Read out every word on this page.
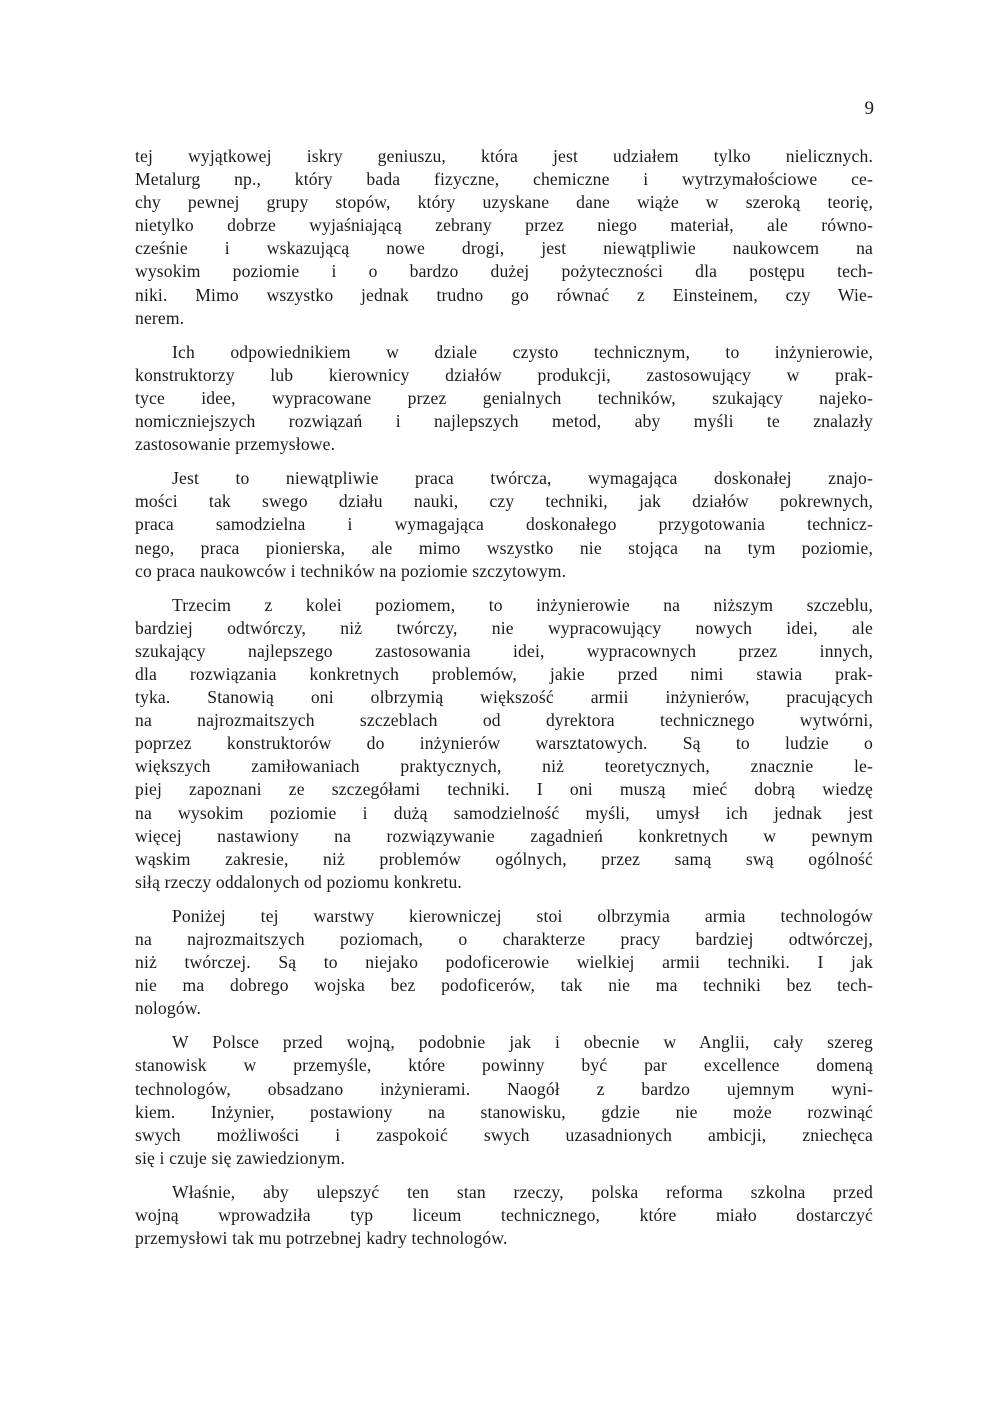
9
tej wyjątkowej iskry geniuszu, która jest udziałem tylko nielicznych.
Metalurg np., który bada fizyczne, chemiczne i wytrzymałościowe ce-
chy pewnej grupy stopów, który uzyskane dane wiąże w szeroką teorię,
nietylko dobrze wyjaśniającą zebrany przez niego materiał, ale równo-
cześnie i wskazującą nowe drogi, jest niewątpliwie naukowcem na
wysokim poziomie i o bardzo dużej pożyteczności dla postępu tech-
niki. Mimo wszystko jednak trudno go równać z Einsteinem, czy Wie-
nerem.
Ich odpowiednikiem w dziale czysto technicznym, to inżynierowie,
konstruktorzy lub kierownicy działów produkcji, zastosowujący w prak-
tyce idee, wypracowane przez genialnych techników, szukający najeko-
nomiczniejszych rozwiązań i najlepszych metod, aby myśli te znalazły
zastosowanie przemysłowe.
Jest to niewątpliwie praca twórcza, wymagająca doskonałej znajo-
mości tak swego działu nauki, czy techniki, jak działów pokrewnych,
praca samodzielna i wymagająca doskonałego przygotowania technicz-
nego, praca pionierska, ale mimo wszystko nie stojąca na tym poziomie,
co praca naukowców i techników na poziomie szczytowym.
Trzecim z kolei poziomem, to inżynierowie na niższym szczeblu,
bardziej odtwórczy, niż twórczy, nie wypracowujący nowych idei, ale
szukający najlepszego zastosowania idei, wypracownych przez innych,
dla rozwiązania konkretnych problemów, jakie przed nimi stawia prak-
tyka. Stanowią oni olbrzymią większość armii inżynierów, pracujących
na najrozmaitszych szczeblach od dyrektora technicznego wytwórni,
poprzez konstruktorów do inżynierów warsztatowych. Są to ludzie o
większych zamiłowaniach praktycznych, niż teoretycznych, znacznie le-
piej zapoznani ze szczegółami techniki. I oni muszą mieć dobrą wiedzę
na wysokim poziomie i dużą samodzielność myśli, umysł ich jednak jest
więcej nastawiony na rozwiązywanie zagadnień konkretnych w pewnym
wąskim zakresie, niż problemów ogólnych, przez samą swą ogólność
siłą rzeczy oddalonych od poziomu konkretu.
Poniżej tej warstwy kierowniczej stoi olbrzymia armia technologów
na najrozmaitszych poziomach, o charakterze pracy bardziej odtwórczej,
niż twórczej. Są to niejako podoficerowie wielkiej armii techniki. I jak
nie ma dobrego wojska bez podoficerów, tak nie ma techniki bez tech-
nologów.
W Polsce przed wojną, podobnie jak i obecnie w Anglii, cały szereg
stanowisk w przemyśle, które powinny być par excellence domeną
technologów, obsadzano inżynierami. Naogół z bardzo ujemnym wyni-
kiem. Inżynier, postawiony na stanowisku, gdzie nie może rozwinąć
swych możliwości i zaspokoić swych uzasadnionych ambicji, zniechęca
się i czuje się zawiedzionym.
Właśnie, aby ulepszyć ten stan rzeczy, polska reforma szkolna przed
wojną wprowadziła typ liceum technicznego, które miało dostarczyć
przemysłowi tak mu potrzebnej kadry technologów.
